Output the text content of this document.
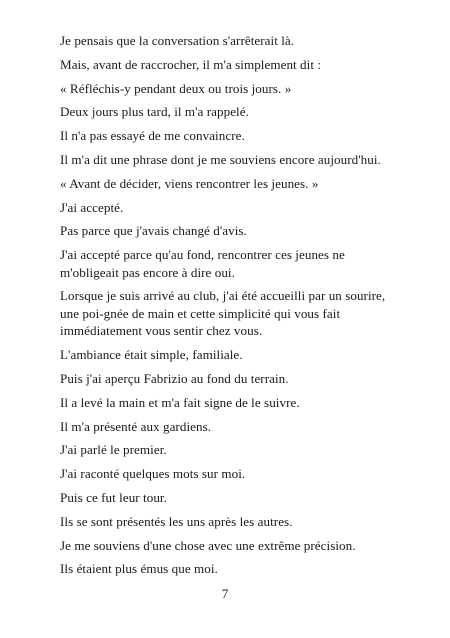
Je pensais que la conversation s'arrêterait là.

Mais, avant de raccrocher, il m'a simplement dit :

« Réfléchis-y pendant deux ou trois jours. »

Deux jours plus tard, il m'a rappelé.

Il n'a pas essayé de me convaincre.

Il m'a dit une phrase dont je me souviens encore aujourd'hui.

« Avant de décider, viens rencontrer les jeunes. »

J'ai accepté.

Pas parce que j'avais changé d'avis.

J'ai accepté parce qu'au fond, rencontrer ces jeunes ne m'obligeait pas encore à dire oui.

Lorsque je suis arrivé au club, j'ai été accueilli par un sourire, une poi-gnée de main et cette simplicité qui vous fait immédiatement vous sentir chez vous.

L'ambiance était simple, familiale.

Puis j'ai aperçu Fabrizio au fond du terrain.

Il a levé la main et m'a fait signe de le suivre.

Il m'a présenté aux gardiens.

J'ai parlé le premier.

J'ai raconté quelques mots sur moi.

Puis ce fut leur tour.

Ils se sont présentés les uns après les autres.

Je me souviens d'une chose avec une extrême précision.

Ils étaient plus émus que moi.

7
